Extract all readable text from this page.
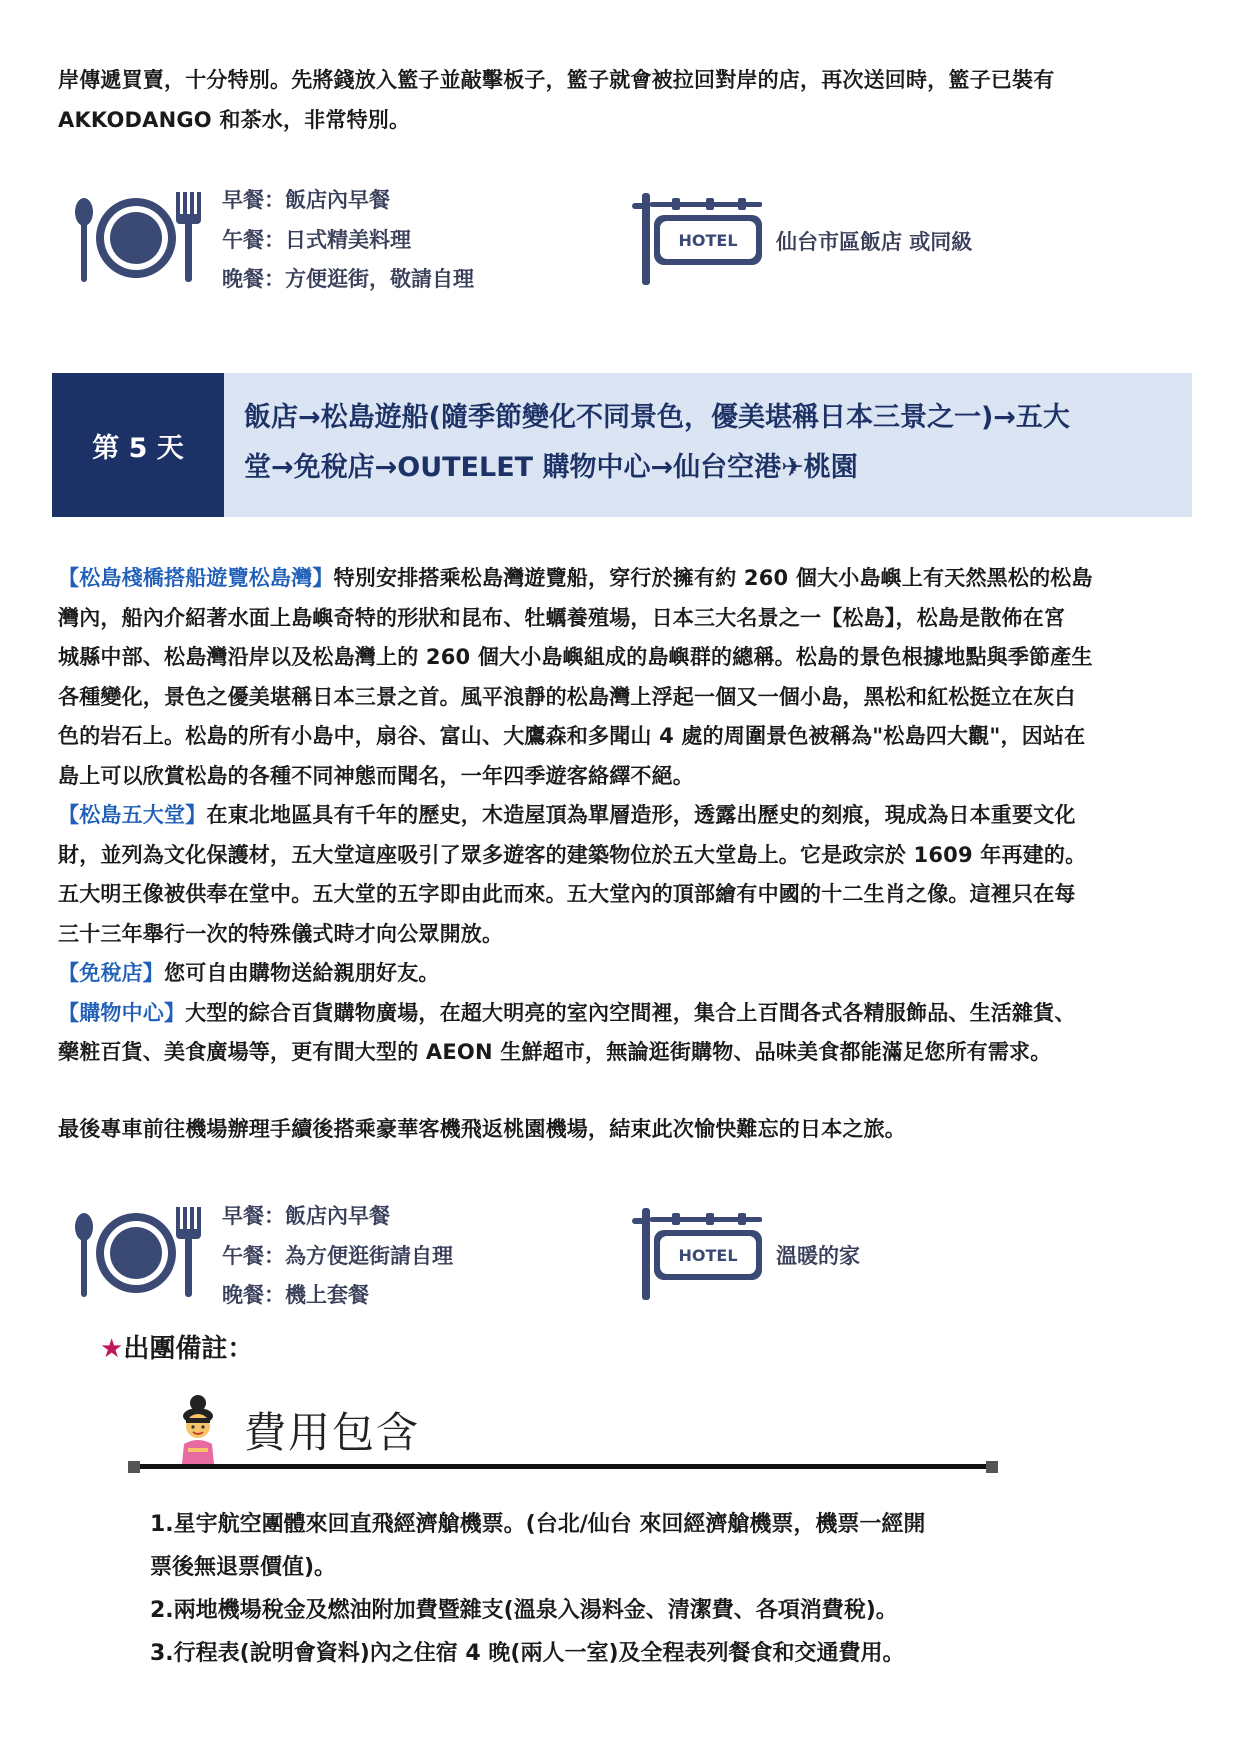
岸傳遞買賣，十分特別。先將錢放入籃子並敲擊板子，籃子就會被拉回對岸的店，再次送回時，籃子已裝有
AKKODANGO 和茶水，非常特別。
早餐：飯店內早餐
午餐：日式精美料理
晚餐：方便逛街，敬請自理
HOTEL 仙台市區飯店 或同級
第 5 天
飯店→松島遊船(隨季節變化不同景色，優美堪稱日本三景之一)→五大
堂→免稅店→OUTELET 購物中心→仙台空港✈桃園
【松島棧橋搭船遊覽松島灣】特別安排搭乘松島灣遊覽船，穿行於擁有約 260 個大小島嶼上有天然黑松的松島
灣內，船內介紹著水面上島嶼奇特的形狀和昆布、牡蠣養殖場，日本三大名景之一【松島】，松島是散佈在宮
城縣中部、松島灣沿岸以及松島灣上的 260 個大小島嶼組成的島嶼群的總稱。松島的景色根據地點與季節產生
各種變化，景色之優美堪稱日本三景之首。風平浪靜的松島灣上浮起一個又一個小島，黑松和紅松挺立在灰白
色的岩石上。松島的所有小島中，扇谷、富山、大鷹森和多聞山 4 處的周圍景色被稱為"松島四大觀"，因站在
島上可以欣賞松島的各種不同神態而聞名，一年四季遊客絡繹不絕。
【松島五大堂】在東北地區具有千年的歷史，木造屋頂為單層造形，透露出歷史的刻痕，現成為日本重要文化
財，並列為文化保護材，五大堂這座吸引了眾多遊客的建築物位於五大堂島上。它是政宗於 1609 年再建的。
五大明王像被供奉在堂中。五大堂的五字即由此而來。五大堂內的頂部繪有中國的十二生肖之像。這裡只在每
三十三年舉行一次的特殊儀式時才向公眾開放。
【免稅店】您可自由購物送給親朋好友。
【購物中心】大型的綜合百貨購物廣場，在超大明亮的室內空間裡，集合上百間各式各精服飾品、生活雜貨、
藥粧百貨、美食廣場等，更有間大型的 AEON 生鮮超市，無論逛街購物、品味美食都能滿足您所有需求。
最後專車前往機場辦理手續後搭乘豪華客機飛返桃園機場，結束此次愉快難忘的日本之旅。
早餐：飯店內早餐
午餐：為方便逛街請自理
晚餐：機上套餐
HOTEL 溫暖的家
★出團備註：
費用包含
1.星宇航空團體來回直飛經濟艙機票。(台北/仙台 來回經濟艙機票，機票一經開
票後無退票價值)。
2.兩地機場稅金及燃油附加費暨雜支(溫泉入湯料金、清潔費、各項消費稅)。
3.行程表(說明會資料)內之住宿 4 晚(兩人一室)及全程表列餐食和交通費用。
